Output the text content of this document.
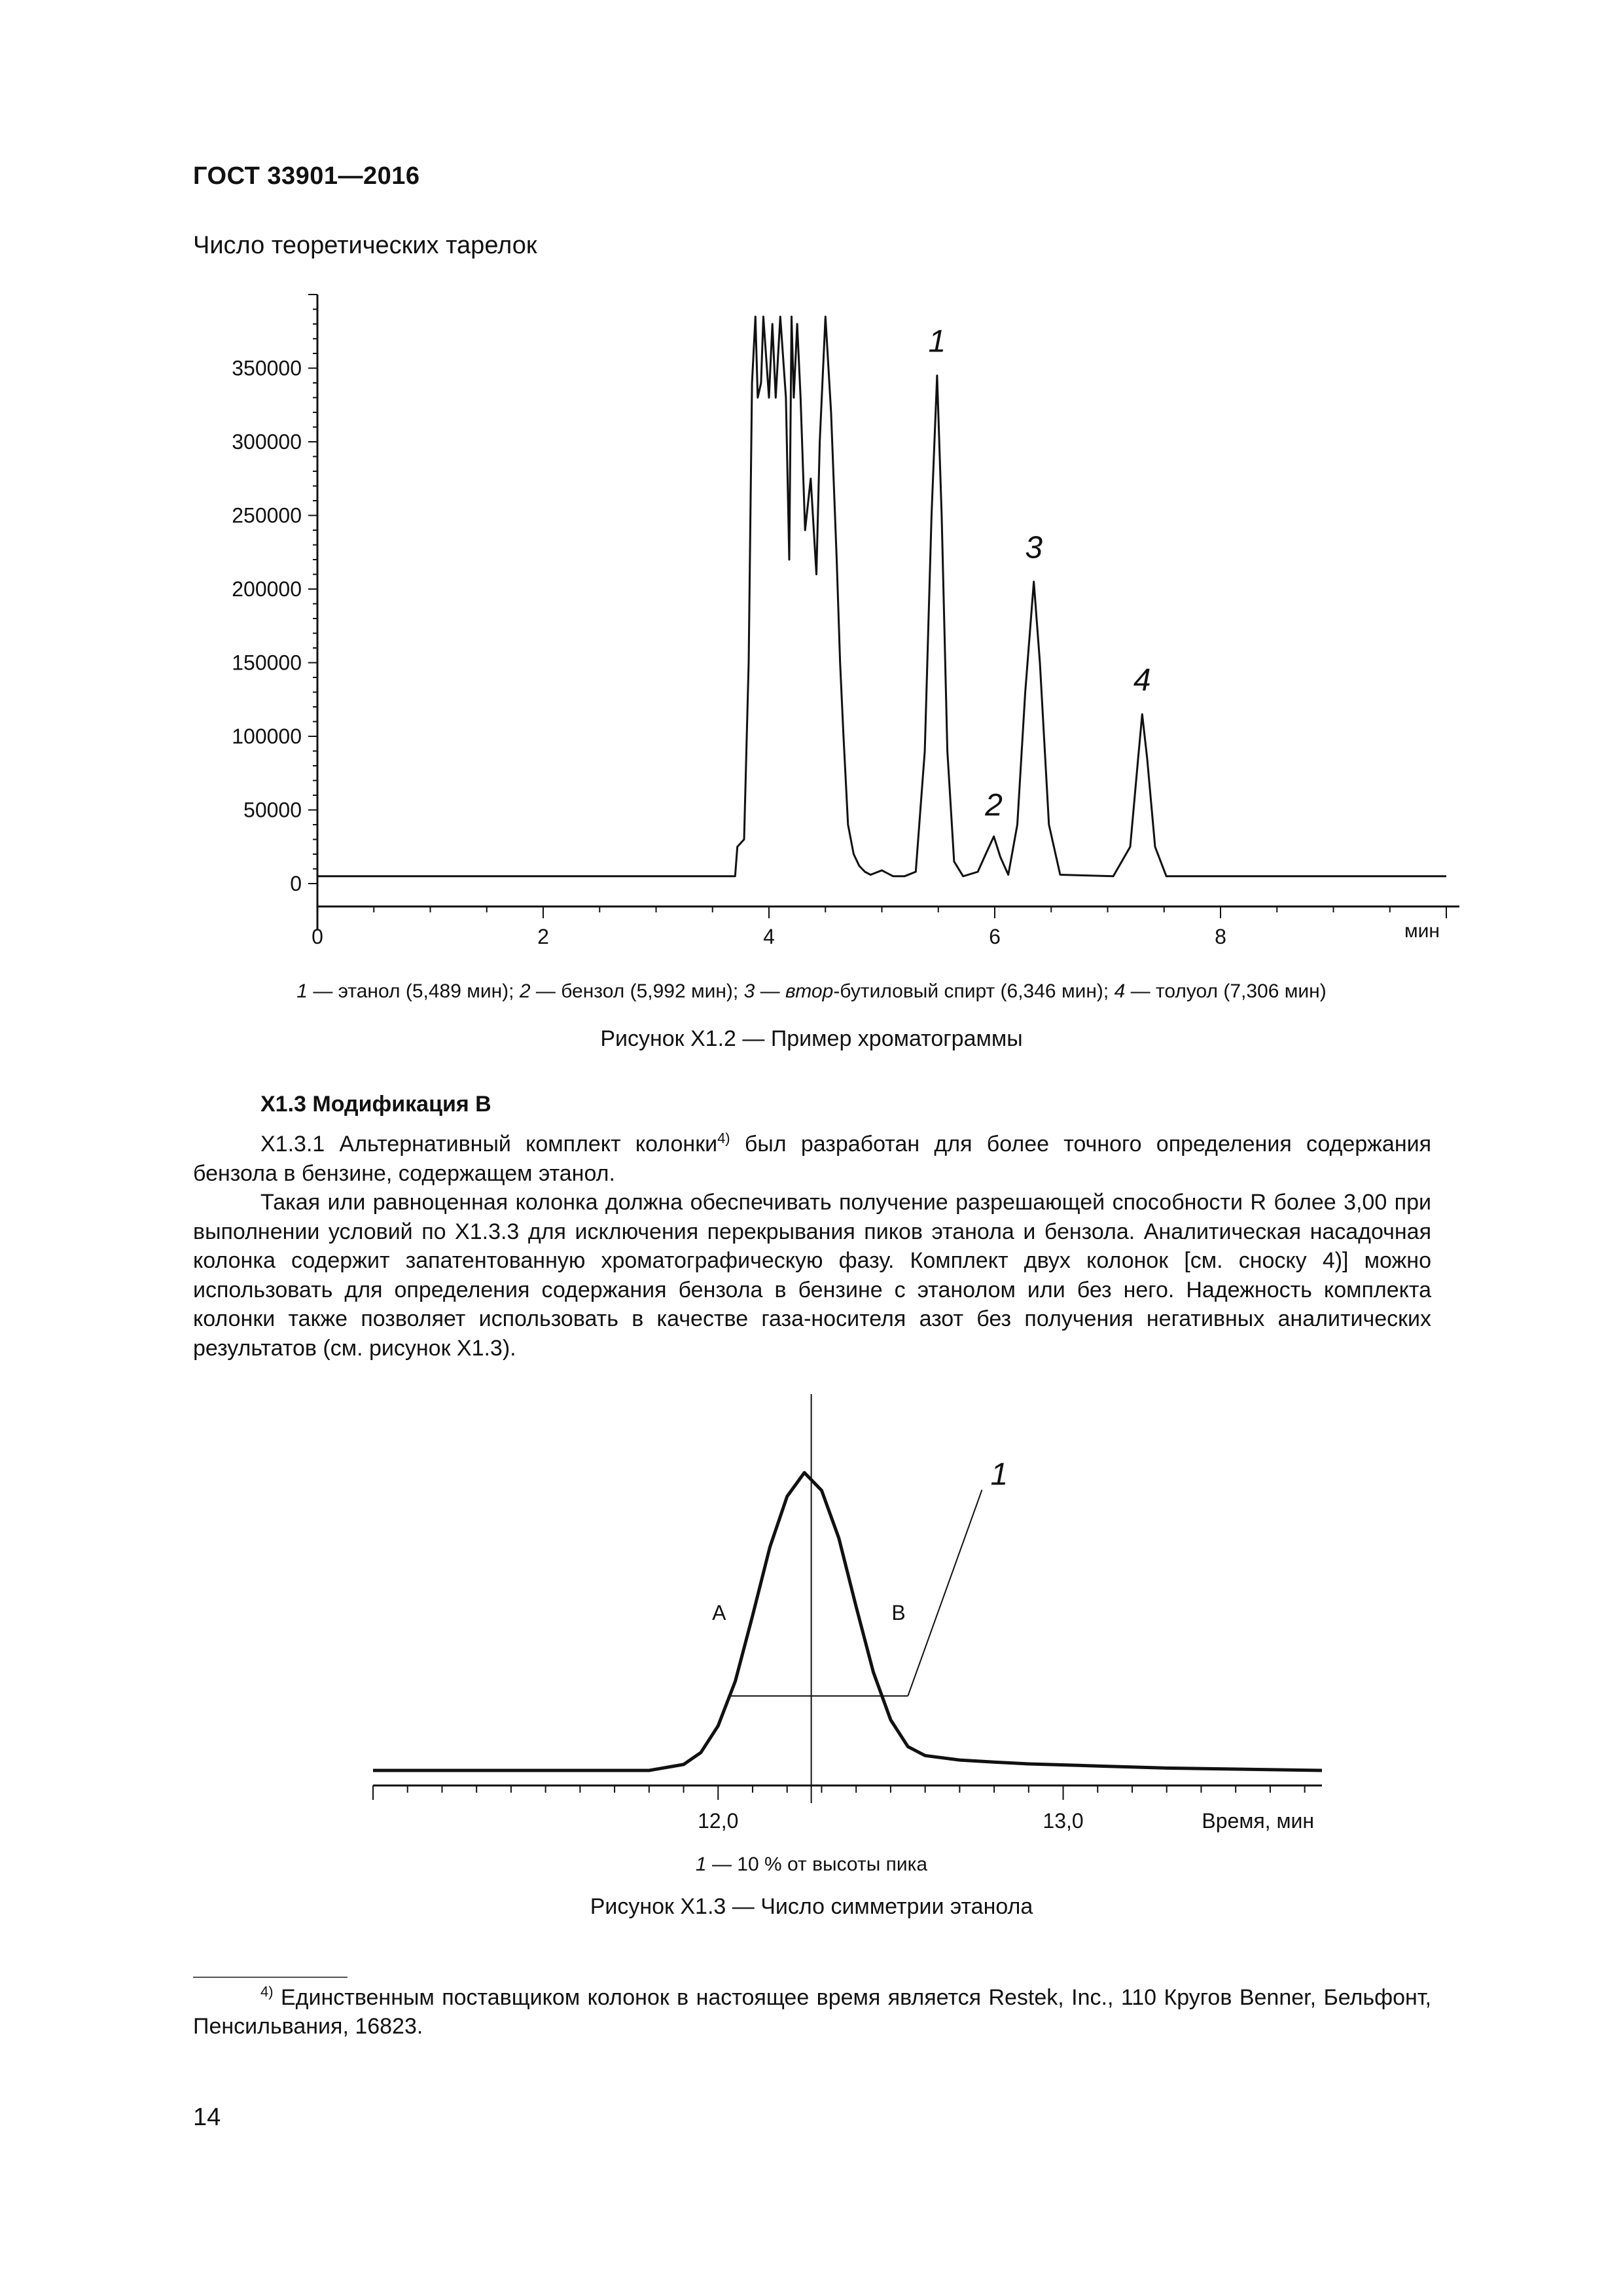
ГОСТ 33901—2016
Число теоретических тарелок
0
50000
100000
150000
200000
250000
300000
350000
0	2	4	6	8	мин
1
2
3
4
1 — этанол (5,489 мин); 2 — бензол (5,992 мин); 3 — втор-бутиловый спирт (6,346 мин); 4 — толуол (7,306 мин)
Рисунок X1.2 — Пример хроматограммы
X1.3 Модификация B

X1.3.1 Альтернативный комплект колонки$^{4)}$ был разработан для более точного определения содержания бензола в бензине, содержащем этанол.

Такая или равноценная колонка должна обеспечивать получение разрешающей способности R более 3,00 при выполнении условий по X1.3.3 для исключения перекрывания пиков этанола и бензола. Аналитическая насадочная колонка содержит запатентованную хроматографическую фазу. Комплект двух колонок [см. сноску 4)] можно использовать для определения содержания бензола в бензине с этанолом или без него. Надежность комплекта колонки также позволяет использовать в качестве газа-носителя азот без получения негативных аналитических результатов (см. рисунок X1.3).

12,0	13,0	Время, мин
A	B
1
1 — 10 % от высоты пика
Рисунок X1.3 — Число симметрии этанола

$^{4)}$ Единственным поставщиком колонок в настоящее время является Restek, Inc., 110 Кругов Benner, Бельфонт, Пенсильвания, 16823.

14
